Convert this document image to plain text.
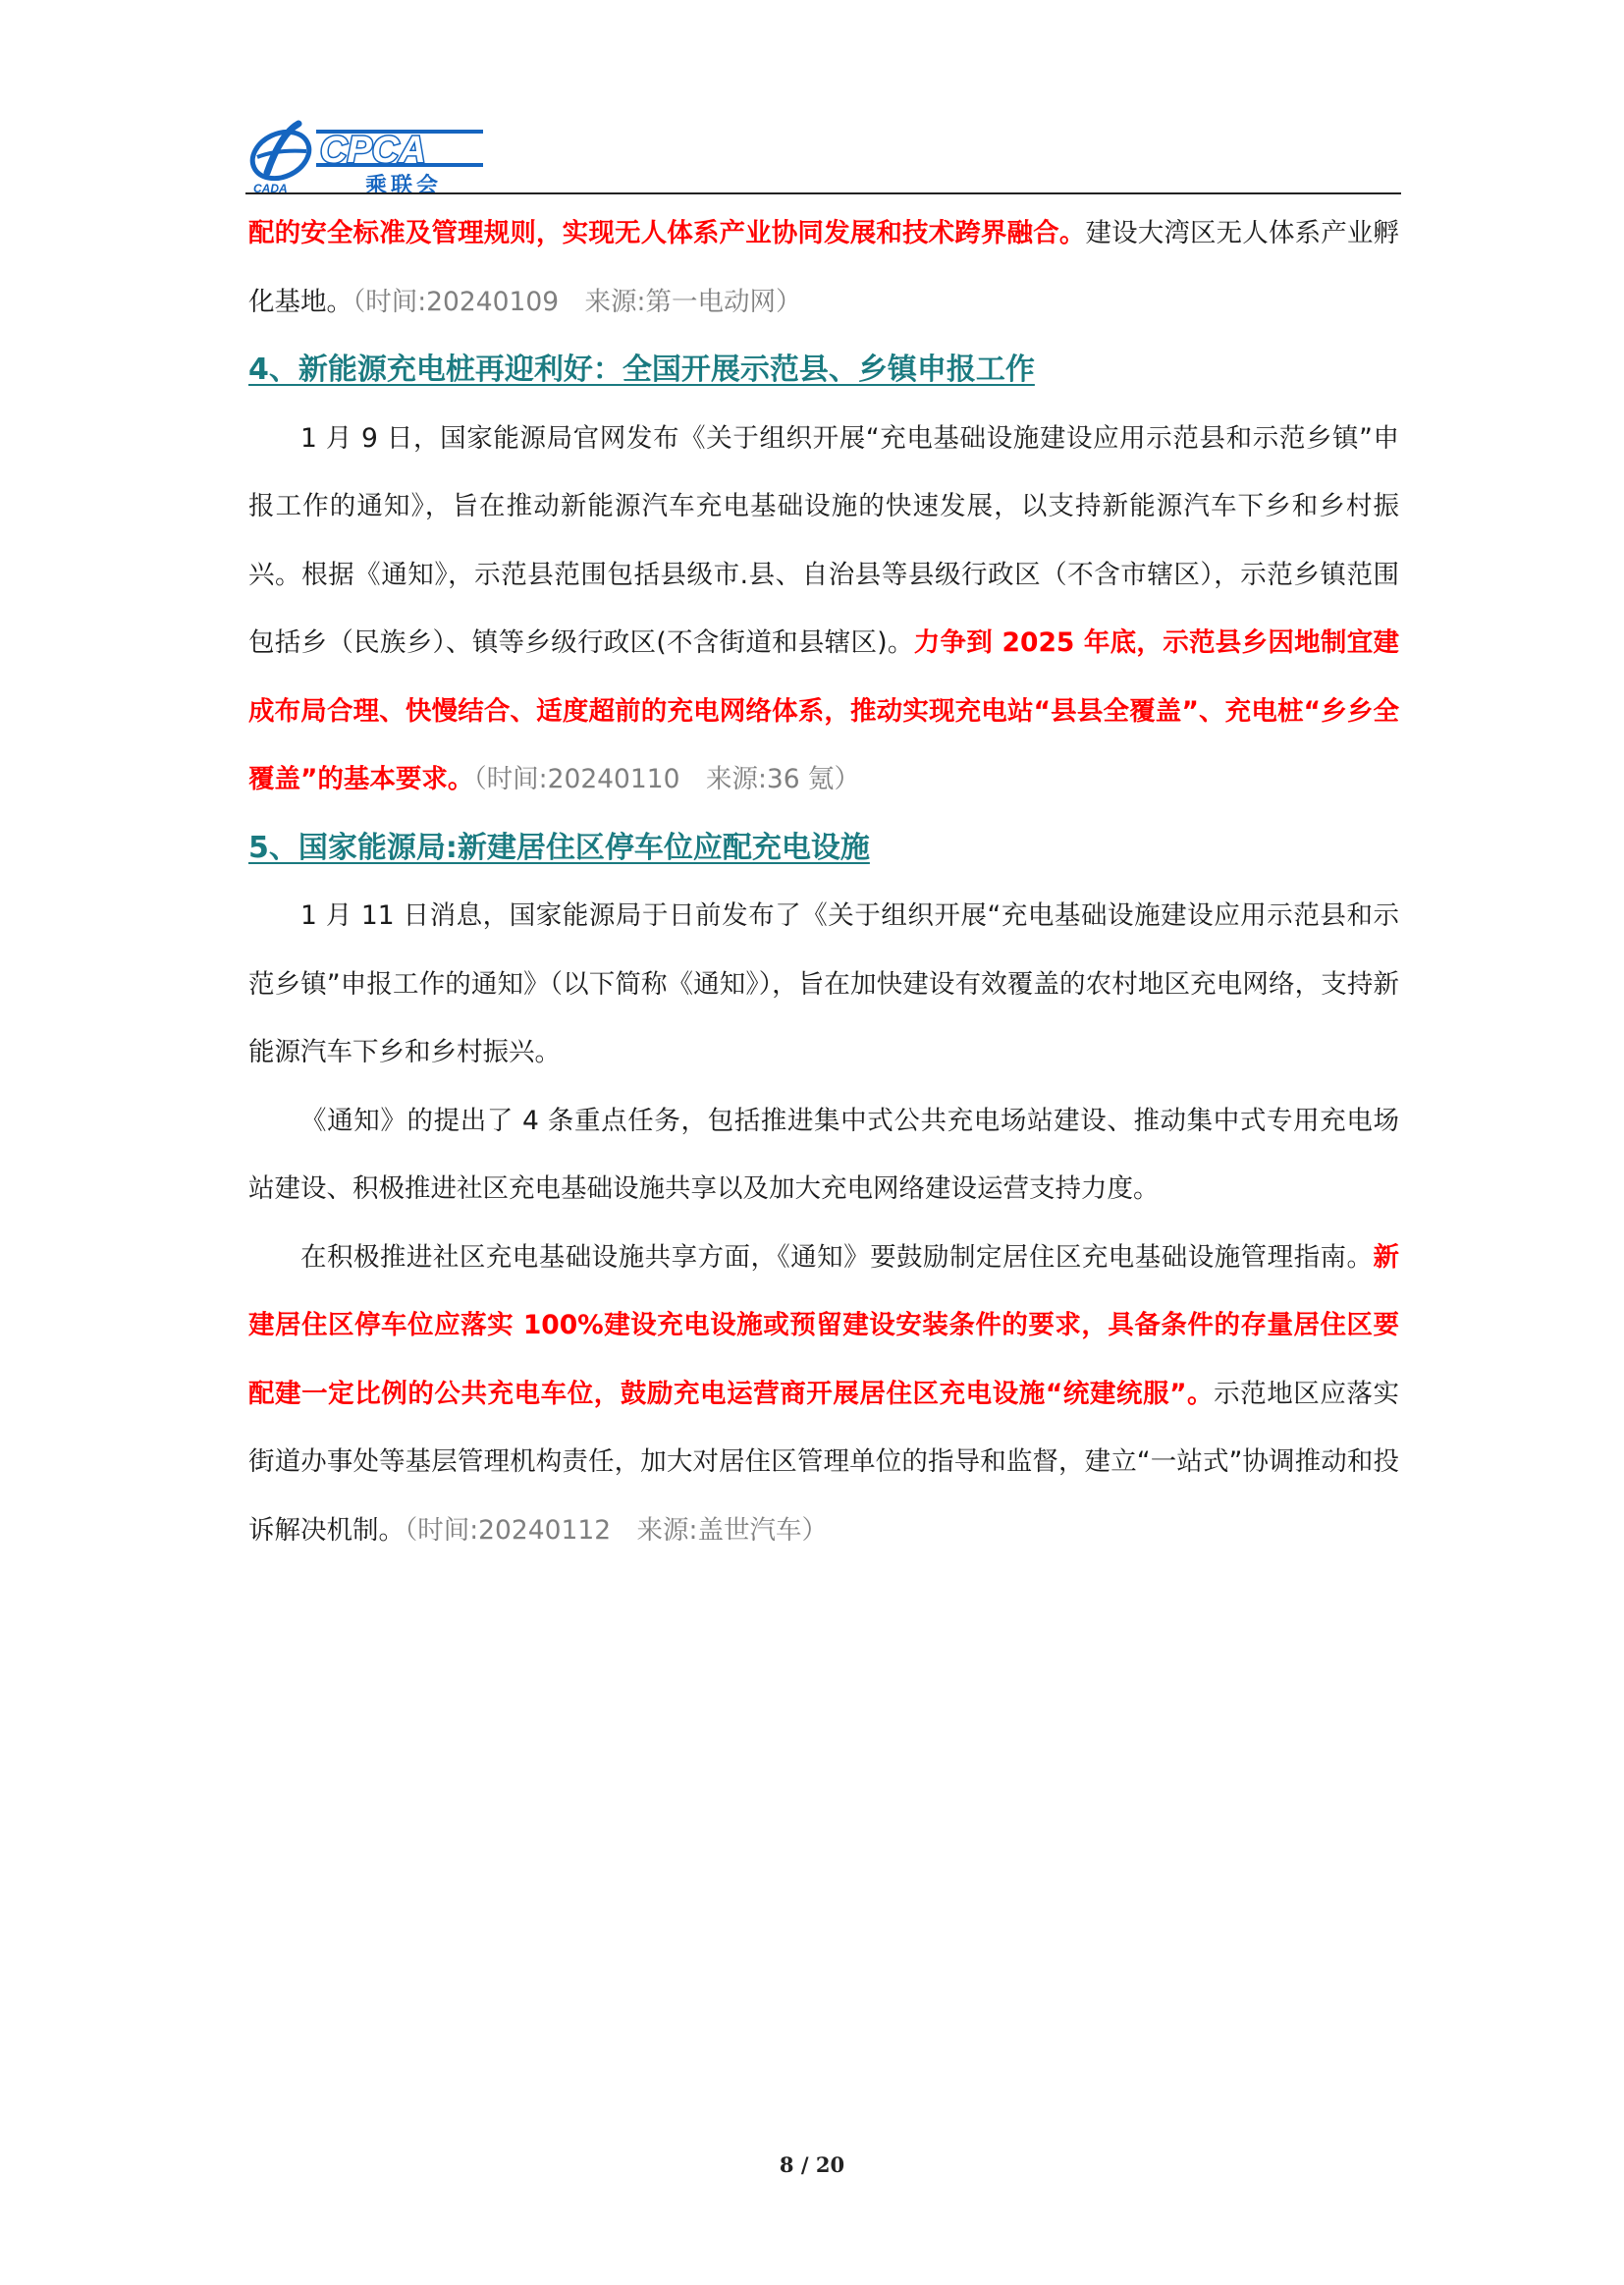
CPCA
乘联会
CADA

配的安全标准及管理规则，实现无人体系产业协同发展和技术跨界融合。建设大湾区无人体系产业孵化基地。（时间:20240109　来源:第一电动网）

4、新能源充电桩再迎利好：全国开展示范县、乡镇申报工作

1 月 9 日，国家能源局官网发布《关于组织开展“充电基础设施建设应用示范县和示范乡镇”申报工作的通知》，旨在推动新能源汽车充电基础设施的快速发展，以支持新能源汽车下乡和乡村振兴。根据《通知》，示范县范围包括县级市.县、自治县等县级行政区（不含市辖区），示范乡镇范围包括乡（民族乡）、镇等乡级行政区(不含街道和县辖区)。力争到 2025 年底，示范县乡因地制宜建成布局合理、快慢结合、适度超前的充电网络体系，推动实现充电站“县县全覆盖”、充电桩“乡乡全覆盖”的基本要求。（时间:20240110　来源:36 氪）

5、国家能源局:新建居住区停车位应配充电设施

1 月 11 日消息，国家能源局于日前发布了《关于组织开展“充电基础设施建设应用示范县和示范乡镇”申报工作的通知》（以下简称《通知》），旨在加快建设有效覆盖的农村地区充电网络，支持新能源汽车下乡和乡村振兴。

《通知》的提出了 4 条重点任务，包括推进集中式公共充电场站建设、推动集中式专用充电场站建设、积极推进社区充电基础设施共享以及加大充电网络建设运营支持力度。

在积极推进社区充电基础设施共享方面，《通知》要鼓励制定居住区充电基础设施管理指南。新建居住区停车位应落实 100%建设充电设施或预留建设安装条件的要求，具备条件的存量居住区要配建一定比例的公共充电车位，鼓励充电运营商开展居住区充电设施“统建统服”。示范地区应落实街道办事处等基层管理机构责任，加大对居住区管理单位的指导和监督，建立“一站式”协调推动和投诉解决机制。（时间:20240112　来源:盖世汽车）

8 / 20
